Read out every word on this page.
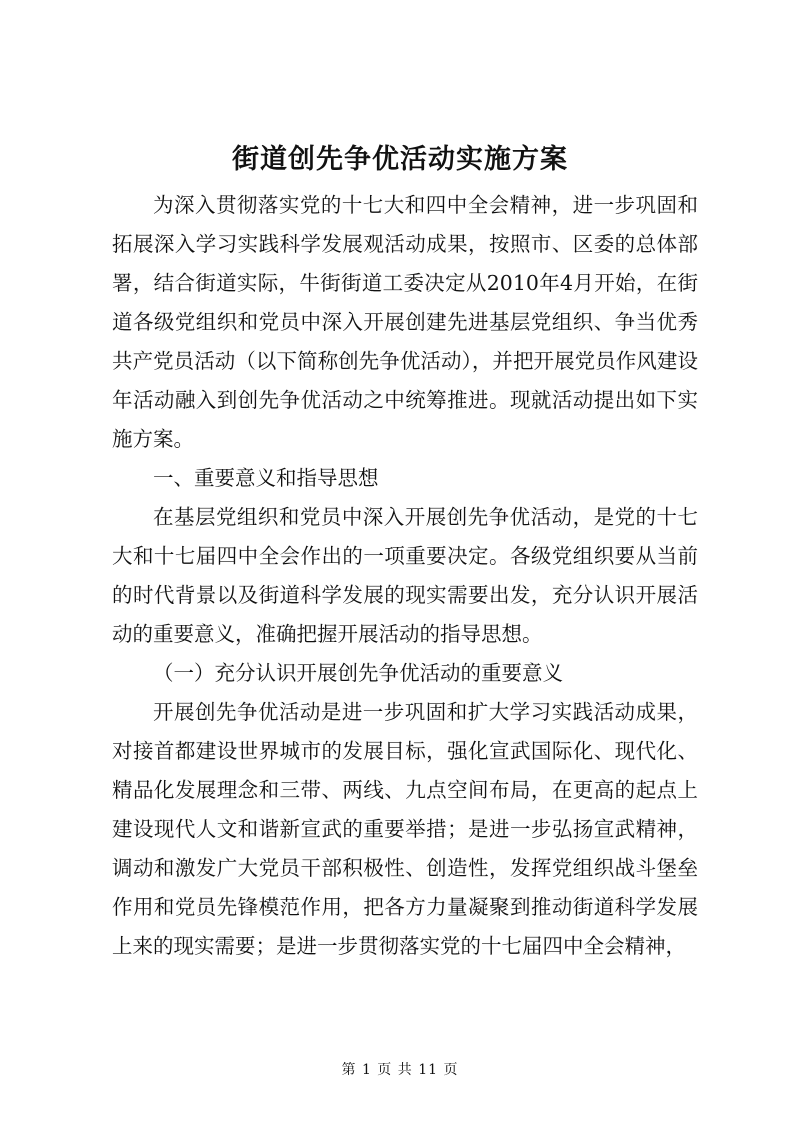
街道创先争优活动实施方案

为深入贯彻落实党的十七大和四中全会精神，进一步巩固和拓展深入学习实践科学发展观活动成果，按照市、区委的总体部署，结合街道实际，牛街街道工委决定从2010年4月开始，在街道各级党组织和党员中深入开展创建先进基层党组织、争当优秀共产党员活动（以下简称创先争优活动），并把开展党员作风建设年活动融入到创先争优活动之中统筹推进。现就活动提出如下实施方案。

一、重要意义和指导思想

在基层党组织和党员中深入开展创先争优活动，是党的十七大和十七届四中全会作出的一项重要决定。各级党组织要从当前的时代背景以及街道科学发展的现实需要出发，充分认识开展活动的重要意义，准确把握开展活动的指导思想。

（一）充分认识开展创先争优活动的重要意义

开展创先争优活动是进一步巩固和扩大学习实践活动成果，对接首都建设世界城市的发展目标，强化宣武国际化、现代化、精品化发展理念和三带、两线、九点空间布局，在更高的起点上建设现代人文和谐新宣武的重要举措；是进一步弘扬宣武精神，调动和激发广大党员干部积极性、创造性，发挥党组织战斗堡垒作用和党员先锋模范作用，把各方力量凝聚到推动街道科学发展上来的现实需要；是进一步贯彻落实党的十七届四中全会精神，

第 1 页 共 11 页
